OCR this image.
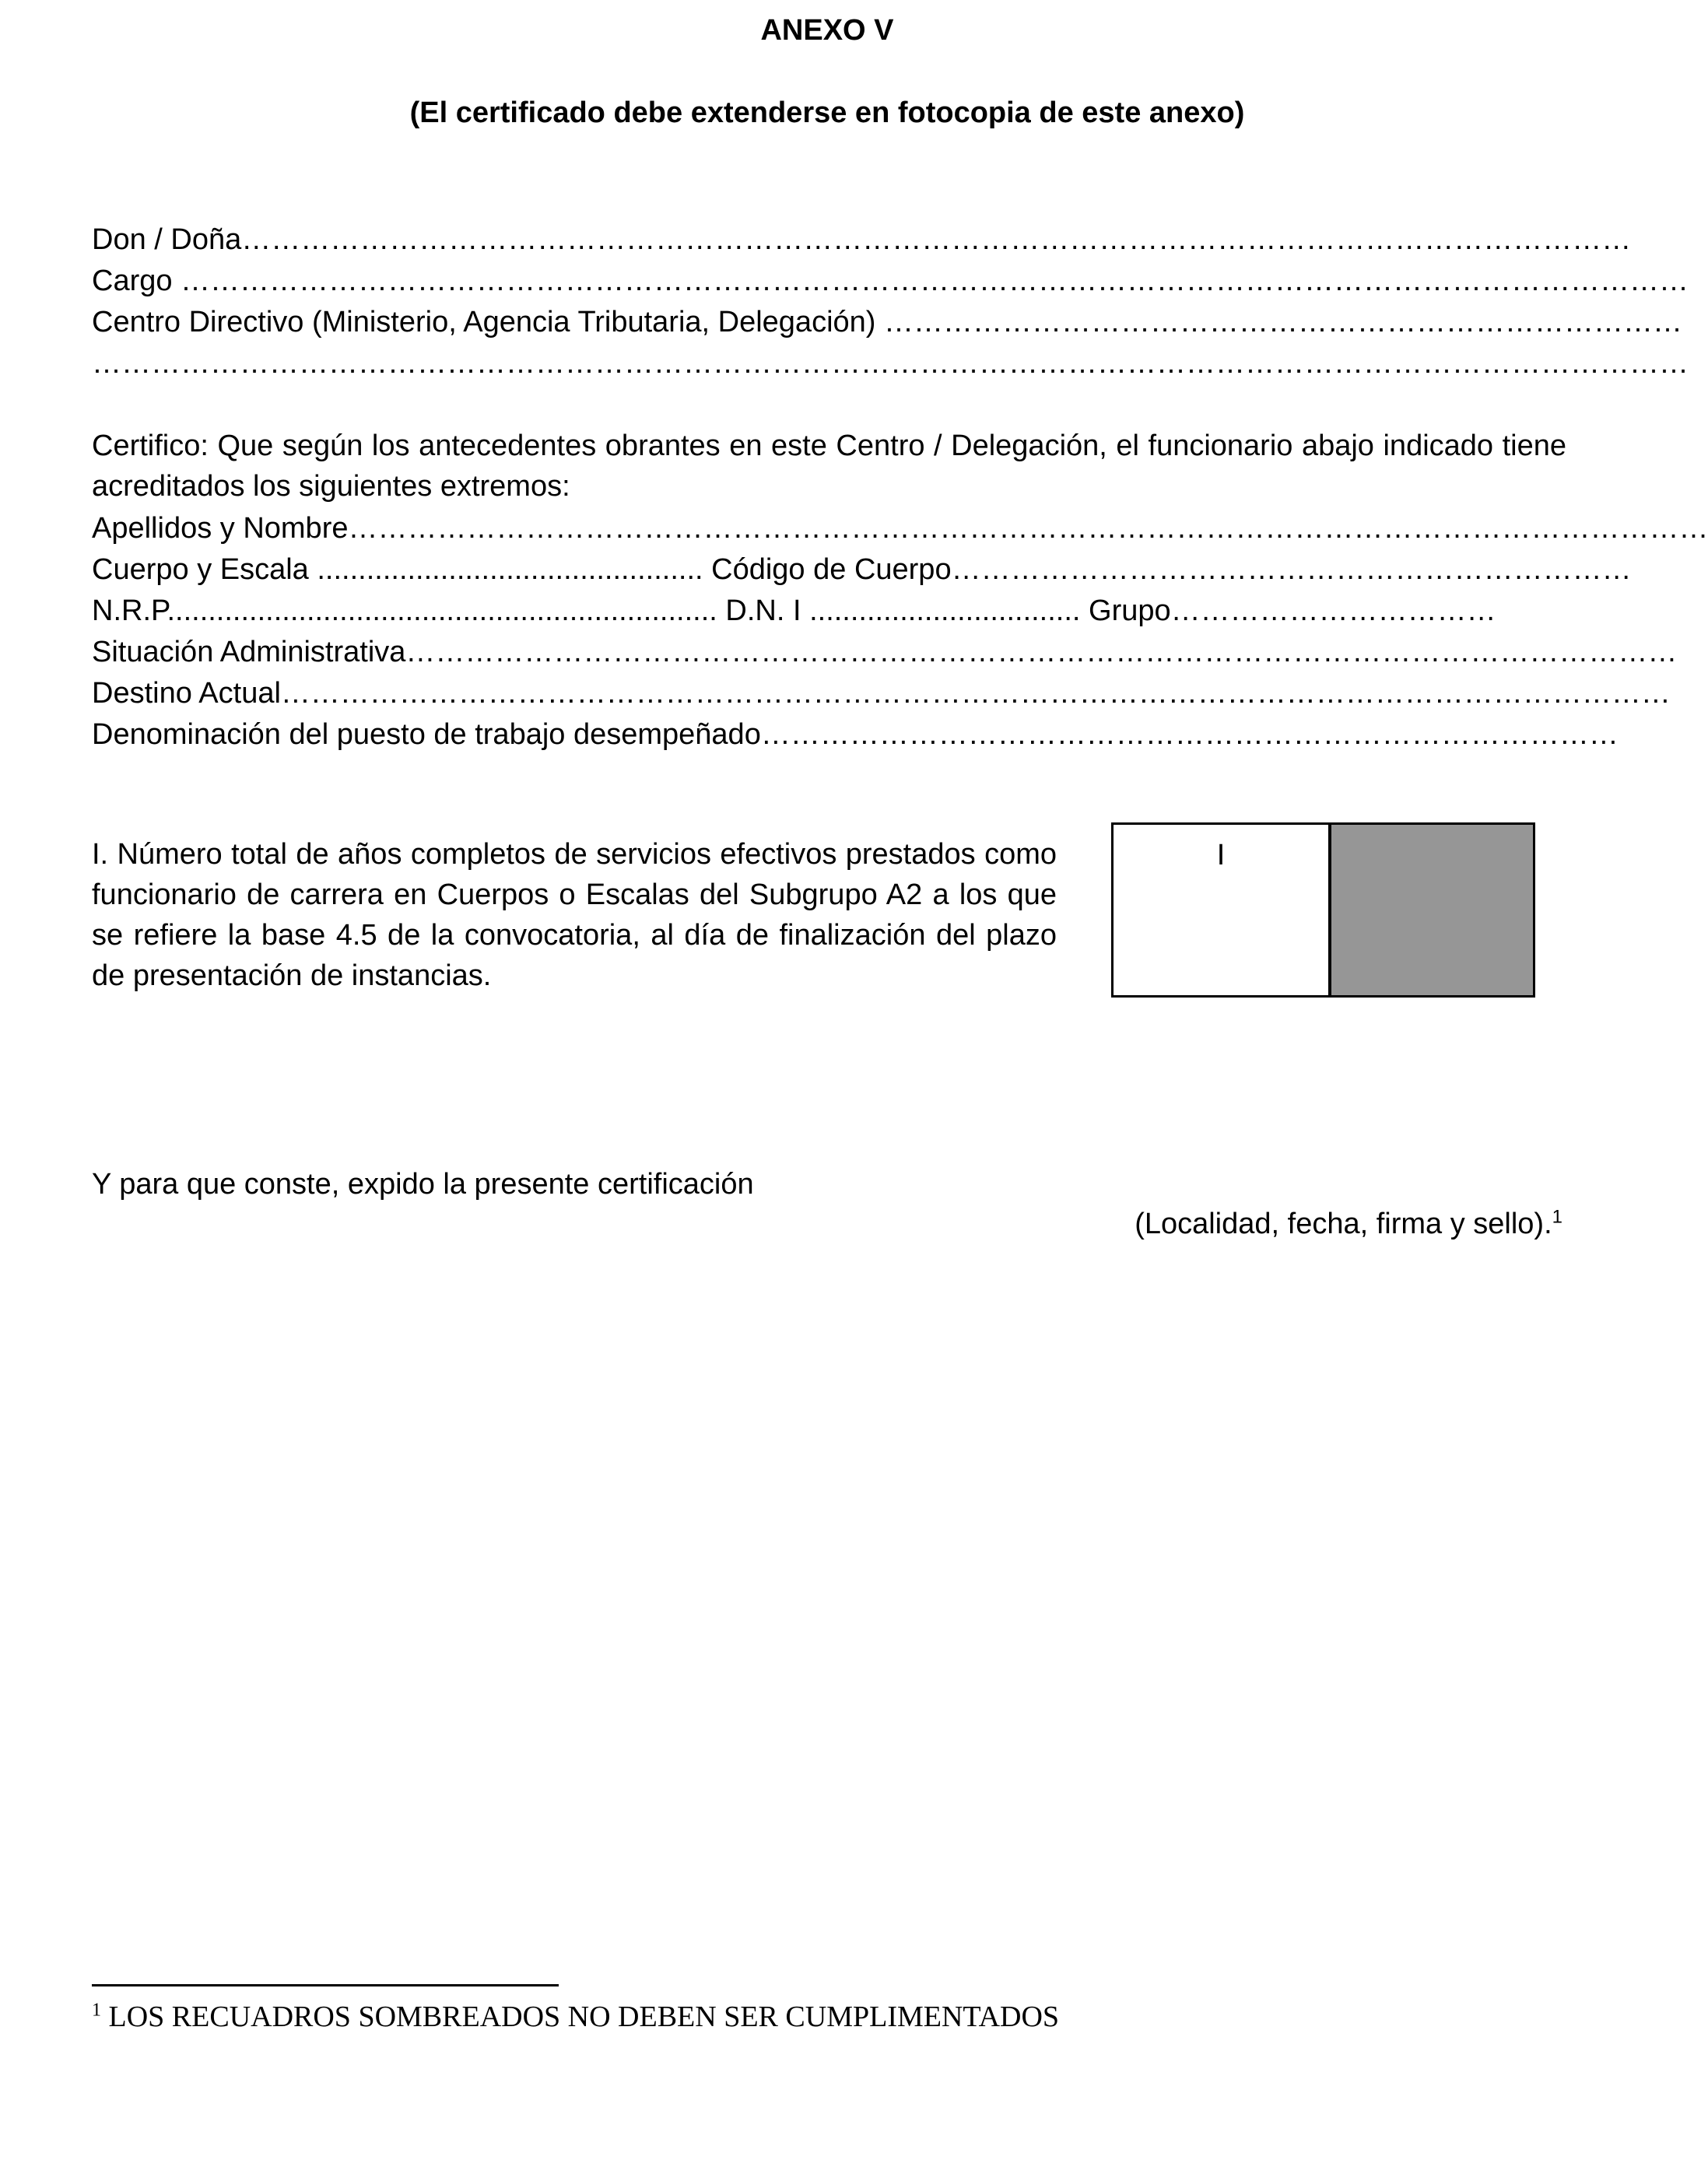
ANEXO V
(El certificado debe extenderse en fotocopia de este anexo)
Don / Doña……………………………………………………………………………………………………………………………
Cargo ………………………………………………………………………………………………………………………………………
Centro Directivo (Ministerio, Agencia Tributaria, Delegación) ………………………………………………………………………
………………………………………………………………………………………………………………………………………………
Certifico: Que según los antecedentes obrantes en este Centro / Delegación, el funcionario abajo indicado tiene acreditados los siguientes extremos:
Apellidos y Nombre…………………………………………………………………………………………………………………………
Cuerpo y Escala ............................................... Código de Cuerpo……………………………………………………………
N.R.P................................................................... D.N. I ................................. Grupo……………………………
Situación Administrativa…………………………………………………………………………………………………………………
Destino Actual……………………………………………………………………………………………………………………………
Denominación del puesto de trabajo desempeñado……………………………………………………………………………
I. Número total de años completos de servicios efectivos prestados como funcionario de carrera en Cuerpos o Escalas del Subgrupo A2 a los que se refiere la base 4.5 de la convocatoria, al día de finalización del plazo de presentación de instancias.
I
Y para que conste, expido la presente certificación
(Localidad, fecha, firma y sello).$^1$
$^1$ LOS RECUADROS SOMBREADOS NO DEBEN SER CUMPLIMENTADOS
